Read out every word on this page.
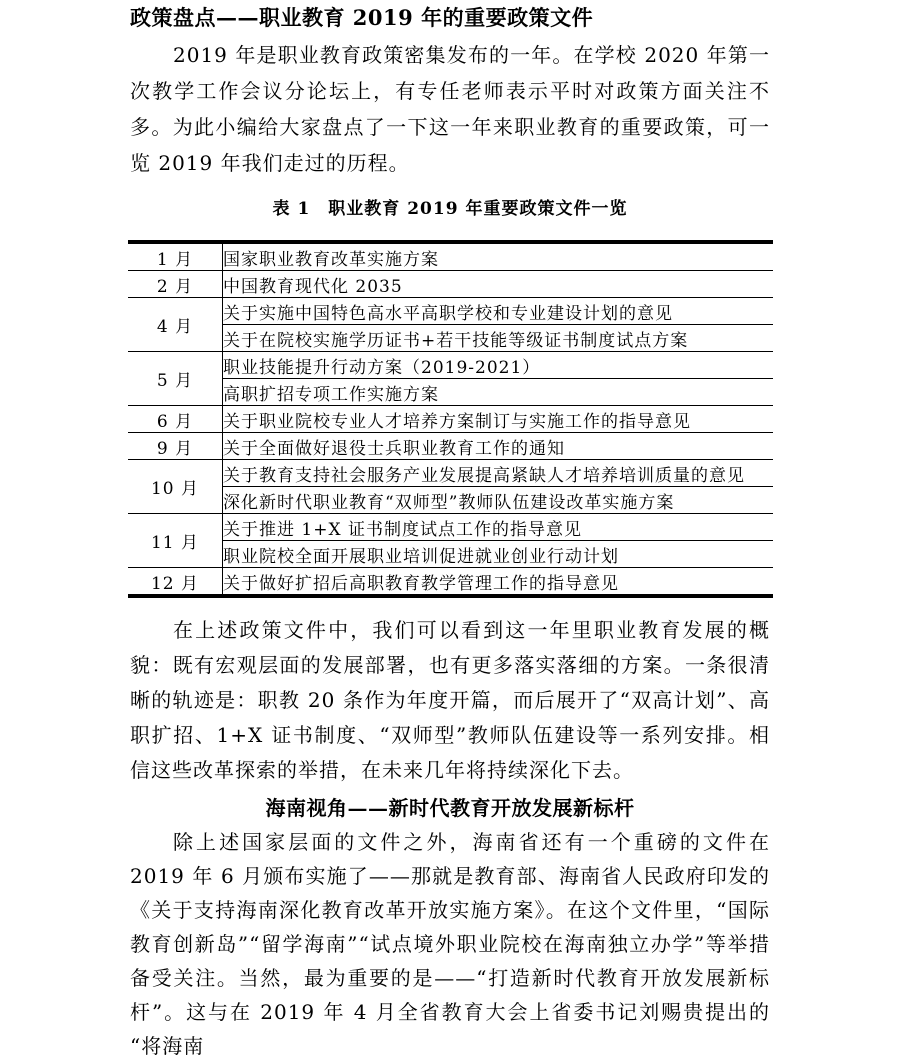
政策盘点——职业教育 2019 年的重要政策文件

2019 年是职业教育政策密集发布的一年。在学校 2020 年第一次教学工作会议分论坛上，有专任老师表示平时对政策方面关注不多。为此小编给大家盘点了一下这一年来职业教育的重要政策，可一览 2019 年我们走过的历程。

表 1　职业教育 2019 年重要政策文件一览
1 月	国家职业教育改革实施方案
2 月	中国教育现代化 2035
4 月	关于实施中国特色高水平高职学校和专业建设计划的意见
	关于在院校实施学历证书+若干技能等级证书制度试点方案
5 月	职业技能提升行动方案（2019-2021）
	高职扩招专项工作实施方案
6 月	关于职业院校专业人才培养方案制订与实施工作的指导意见
9 月	关于全面做好退役士兵职业教育工作的通知
10 月	关于教育支持社会服务产业发展提高紧缺人才培养培训质量的意见
	深化新时代职业教育“双师型”教师队伍建设改革实施方案
11 月	关于推进 1+X 证书制度试点工作的指导意见
	职业院校全面开展职业培训促进就业创业行动计划
12 月	关于做好扩招后高职教育教学管理工作的指导意见

在上述政策文件中，我们可以看到这一年里职业教育发展的概貌：既有宏观层面的发展部署，也有更多落实落细的方案。一条很清晰的轨迹是：职教 20 条作为年度开篇，而后展开了“双高计划”、高职扩招、1+X 证书制度、“双师型”教师队伍建设等一系列安排。相信这些改革探索的举措，在未来几年将持续深化下去。

海南视角——新时代教育开放发展新标杆

除上述国家层面的文件之外，海南省还有一个重磅的文件在 2019 年 6 月颁布实施了——那就是教育部、海南省人民政府印发的《关于支持海南深化教育改革开放实施方案》。在这个文件里，“国际教育创新岛”“留学海南”“试点境外职业院校在海南独立办学”等举措备受关注。当然，最为重要的是——“打造新时代教育开放发展新标杆”。这与在 2019 年 4 月全省教育大会上省委书记刘赐贵提出的“将海南
